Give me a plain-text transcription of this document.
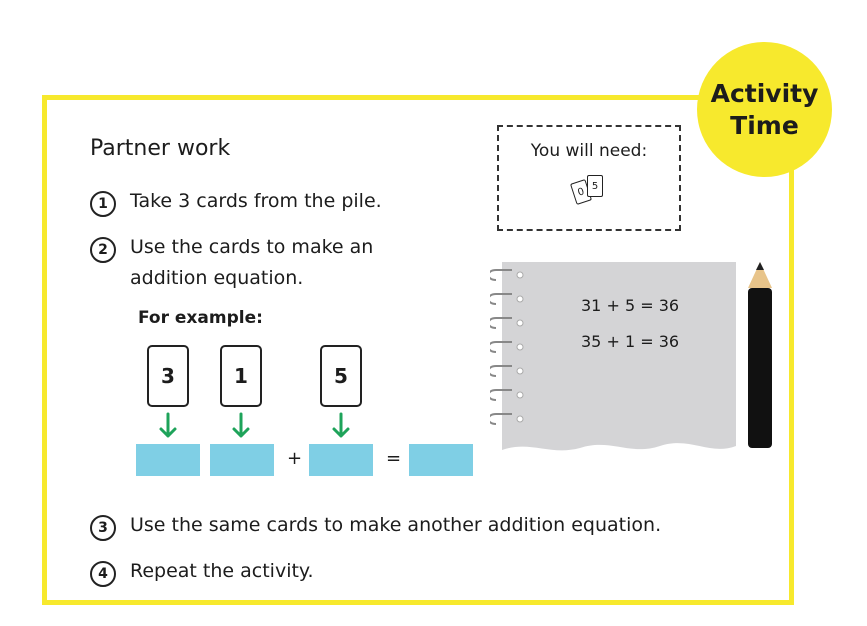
Activity
Time
Partner work
1	Take 3 cards from the pile.
2	Use the cards to make an
addition equation.
For example:
3	1	5
+	=
You will need:
0 5
31 + 5 = 36
35 + 1 = 36
3	Use the same cards to make another addition equation.
4	Repeat the activity.
